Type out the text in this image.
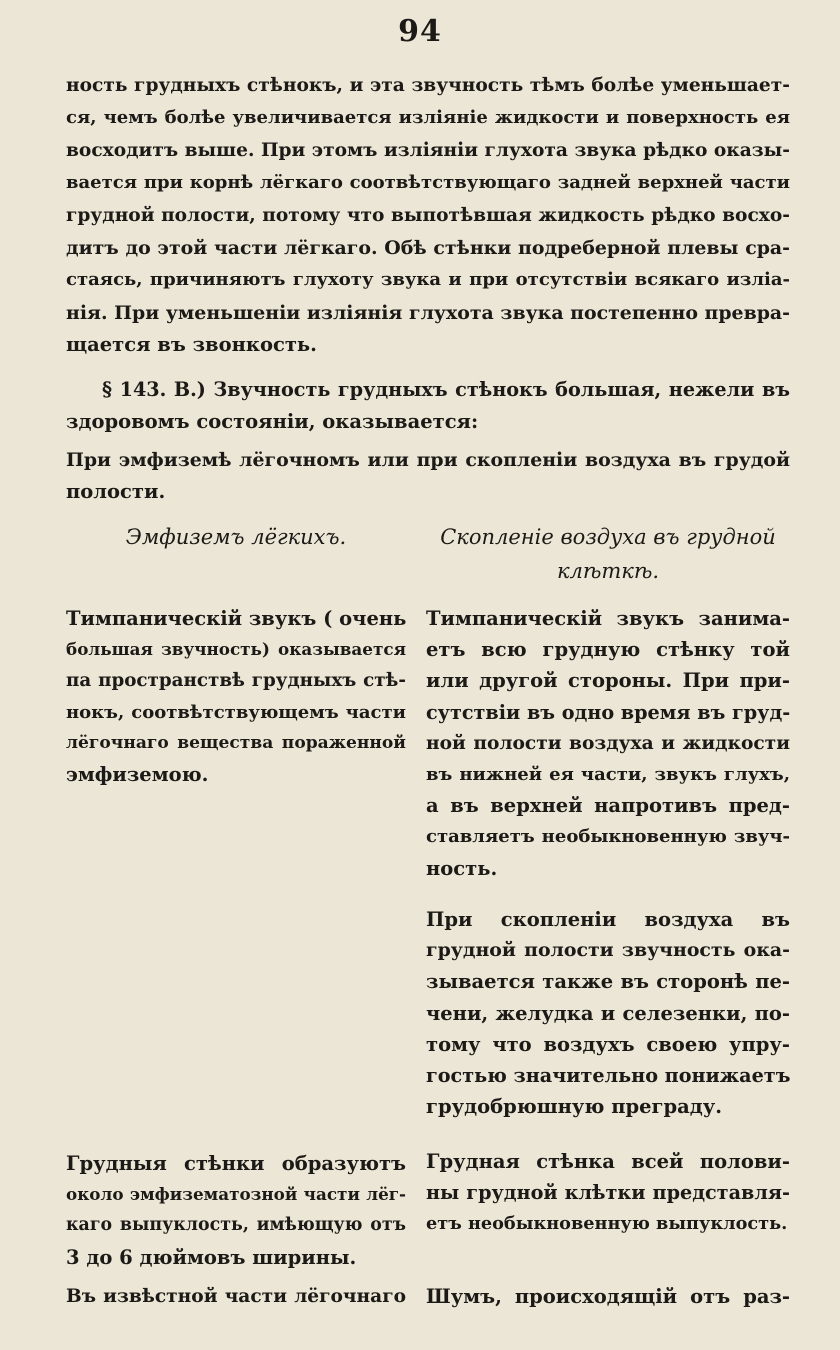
94
ность грудныхъ стѣнокъ, и эта звучность тѣмъ болѣе уменьшает-
ся, чемъ болѣе увеличивается изліяніе жидкости и поверхность ея
восходитъ выше. При этомъ изліяніи глухота звука рѣдко оказы-
вается при корнѣ лёгкаго соотвѣтствующаго задней верхней части
грудной полости, потому что выпотѣвшая жидкость рѣдко восхо-
дитъ до этой части лёгкаго. Обѣ стѣнки подреберной плевы сра-
стаясь, причиняютъ глухоту звука и при отсутствіи всякаго изліа-
нія. При уменьшеніи изліянія глухота звука постепенно превра-
щается въ звонкость.
§ 143. В.) Звучность грудныхъ стѣнокъ большая, нежели въ
здоровомъ состояніи, оказывается:
При эмфиземѣ лёгочномъ или при скопленіи воздуха въ грудой
полости.
Эмфиземъ лёгкихъ.	Скопленіе воздуха въ грудной
клѣткѣ.
Тимпаническій звукъ ( очень
большая звучность) оказывается
па пространствѣ грудныхъ стѣ-
нокъ, соотвѣтствующемъ части
лёгочнаго вещества пораженной
эмфиземою.
Грудныя стѣнки образуютъ
около эмфизематозной части лёг-
каго выпуклость, имѣющую отъ
3 до 6 дюймовъ ширины.
Въ извѣстной части лёгочнаго
Тимпаническій звукъ занима-
етъ всю грудную стѣнку той
или другой стороны. При при-
сутствіи въ одно время въ груд-
ной полости воздуха и жидкости
въ нижней ея части, звукъ глухъ,
а въ верхней напротивъ пред-
ставляетъ необыкновенную звуч-
ность.
При скопленіи воздуха въ
грудной полости звучность ока-
зывается также въ сторонѣ пе-
чени, желудка и селезенки, по-
тому что воздухъ своею упру-
гостью значительно понижаетъ
грудобрюшную преграду.
Грудная стѣнка всей полови-
ны грудной клѣтки представля-
етъ необыкновенную выпуклость.
Шумъ, происходящій отъ раз-
